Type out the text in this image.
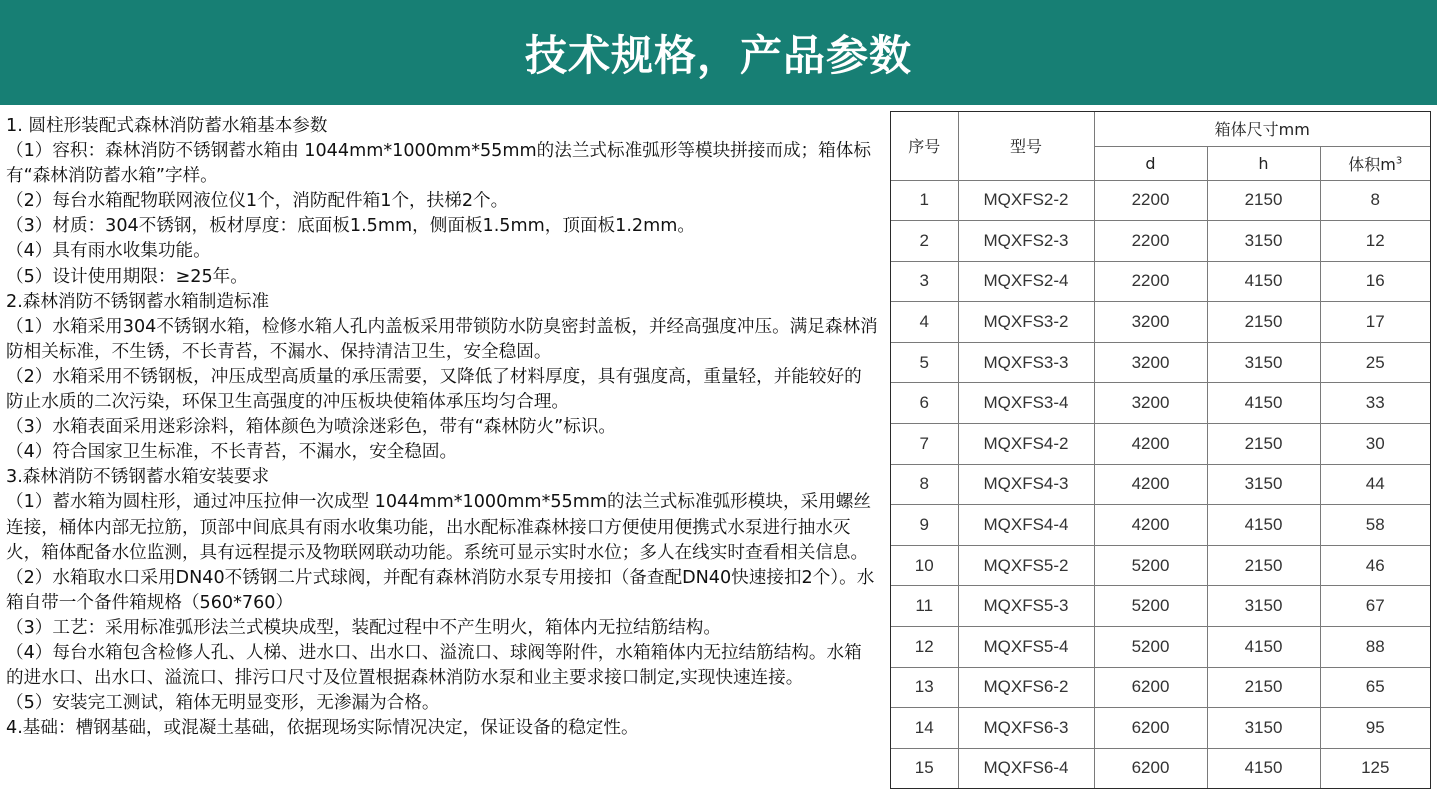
技术规格，产品参数

1. 圆柱形装配式森林消防蓄水箱基本参数

（1）容积：森林消防不锈钢蓄水箱由 1044mm*1000mm*55mm的法兰式标准弧形等模块拼接而成；箱体标有“森林消防蓄水箱”字样。

（2）每台水箱配物联网液位仪1个，消防配件箱1个，扶梯2个。

（3）材质：304不锈钢，板材厚度：底面板1.5mm，侧面板1.5mm，顶面板1.2mm。

（4）具有雨水收集功能。

（5）设计使用期限：≥25年。

2.森林消防不锈钢蓄水箱制造标准

（1）水箱采用304不锈钢水箱，检修水箱人孔内盖板采用带锁防水防臭密封盖板，并经高强度冲压。满足森林消防相关标准，不生锈，不长青苔，不漏水、保持清洁卫生，安全稳固。

（2）水箱采用不锈钢板，冲压成型高质量的承压需要，又降低了材料厚度，具有强度高，重量轻，并能较好的防止水质的二次污染，环保卫生高强度的冲压板块使箱体承压均匀合理。

（3）水箱表面采用迷彩涂料，箱体颜色为喷涂迷彩色，带有“森林防火”标识。

（4）符合国家卫生标准，不长青苔，不漏水，安全稳固。

3.森林消防不锈钢蓄水箱安装要求

（1）蓄水箱为圆柱形，通过冲压拉伸一次成型 1044mm*1000mm*55mm的法兰式标准弧形模块，采用螺丝连接，桶体内部无拉筋，顶部中间底具有雨水收集功能，出水配标准森林接口方便使用便携式水泵进行抽水灭火，箱体配备水位监测，具有远程提示及物联网联动功能。系统可显示实时水位；多人在线实时查看相关信息。

（2）水箱取水口采用DN40不锈钢二片式球阀，并配有森林消防水泵专用接扣（备查配DN40快速接扣2个）。水箱自带一个备件箱规格（560*760）

（3）工艺：采用标准弧形法兰式模块成型，装配过程中不产生明火，箱体内无拉结筋结构。

（4）每台水箱包含检修人孔、人梯、进水口、出水口、溢流口、球阀等附件，水箱箱体内无拉结筋结构。水箱的进水口、出水口、溢流口、排污口尺寸及位置根据森林消防水泵和业主要求接口制定,实现快速连接。

（5）安装完工测试，箱体无明显变形，无渗漏为合格。

4.基础：槽钢基础，或混凝土基础，依据现场实际情况决定，保证设备的稳定性。

序号	型号	箱体尺寸mm		
		d	h	体积$m^3$
1	MQXFS2-2	2200	2150	8
2	MQXFS2-3	2200	3150	12
3	MQXFS2-4	2200	4150	16
4	MQXFS3-2	3200	2150	17
5	MQXFS3-3	3200	3150	25
6	MQXFS3-4	3200	4150	33
7	MQXFS4-2	4200	2150	30
8	MQXFS4-3	4200	3150	44
9	MQXFS4-4	4200	4150	58
10	MQXFS5-2	5200	2150	46
11	MQXFS5-3	5200	3150	67
12	MQXFS5-4	5200	4150	88
13	MQXFS6-2	6200	2150	65
14	MQXFS6-3	6200	3150	95
15	MQXFS6-4	6200	4150	125
